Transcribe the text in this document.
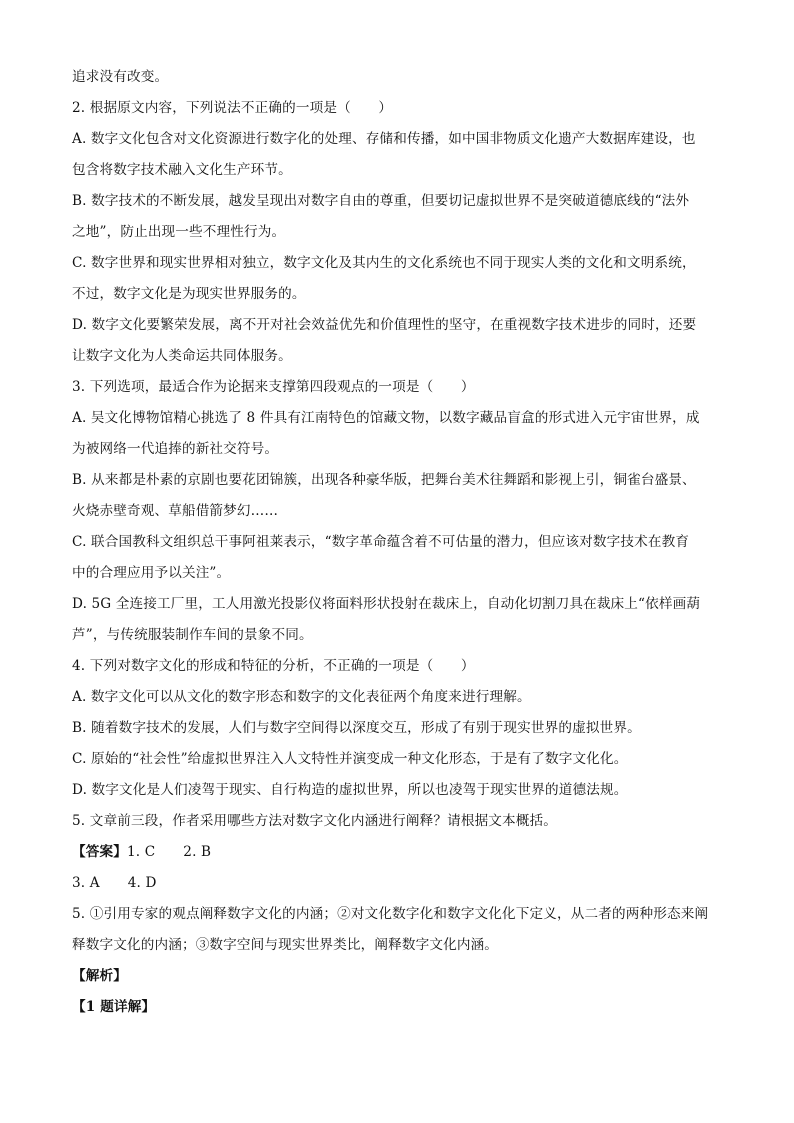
追求没有改变。
2. 根据原文内容，下列说法不正确的一项是（　　）
A. 数字文化包含对文化资源进行数字化的处理、存储和传播，如中国非物质文化遗产大数据库建设，也
包含将数字技术融入文化生产环节。
B. 数字技术的不断发展，越发呈现出对数字自由的尊重，但要切记虚拟世界不是突破道德底线的“法外
之地”，防止出现一些不理性行为。
C. 数字世界和现实世界相对独立，数字文化及其内生的文化系统也不同于现实人类的文化和文明系统，
不过，数字文化是为现实世界服务的。
D. 数字文化要繁荣发展，离不开对社会效益优先和价值理性的坚守，在重视数字技术进步的同时，还要
让数字文化为人类命运共同体服务。
3. 下列选项，最适合作为论据来支撑第四段观点的一项是（　　）
A. 吴文化博物馆精心挑选了 8 件具有江南特色的馆藏文物，以数字藏品盲盒的形式进入元宇宙世界，成
为被网络一代追捧的新社交符号。
B. 从来都是朴素的京剧也要花团锦簇，出现各种豪华版，把舞台美术往舞蹈和影视上引，铜雀台盛景、
火烧赤壁奇观、草船借箭梦幻……
C. 联合国教科文组织总干事阿祖莱表示，“数字革命蕴含着不可估量的潜力，但应该对数字技术在教育
中的合理应用予以关注”。
D. 5G 全连接工厂里，工人用激光投影仪将面料形状投射在裁床上，自动化切割刀具在裁床上“依样画葫
芦”，与传统服装制作车间的景象不同。
4. 下列对数字文化的形成和特征的分析，不正确的一项是（　　）
A. 数字文化可以从文化的数字形态和数字的文化表征两个角度来进行理解。
B. 随着数字技术的发展，人们与数字空间得以深度交互，形成了有别于现实世界的虚拟世界。
C. 原始的“社会性”给虚拟世界注入人文特性并演变成一种文化形态，于是有了数字文化化。
D. 数字文化是人们凌驾于现实、自行构造的虚拟世界，所以也凌驾于现实世界的道德法规。
5. 文章前三段，作者采用哪些方法对数字文化内涵进行阐释？请根据文本概括。
【答案】1. C 2. B
3. A 4. D
5. ①引用专家的观点阐释数字文化的内涵；②对文化数字化和数字文化化下定义，从二者的两种形态来阐
释数字文化的内涵；③数字空间与现实世界类比，阐释数字文化内涵。
【解析】
【1 题详解】
